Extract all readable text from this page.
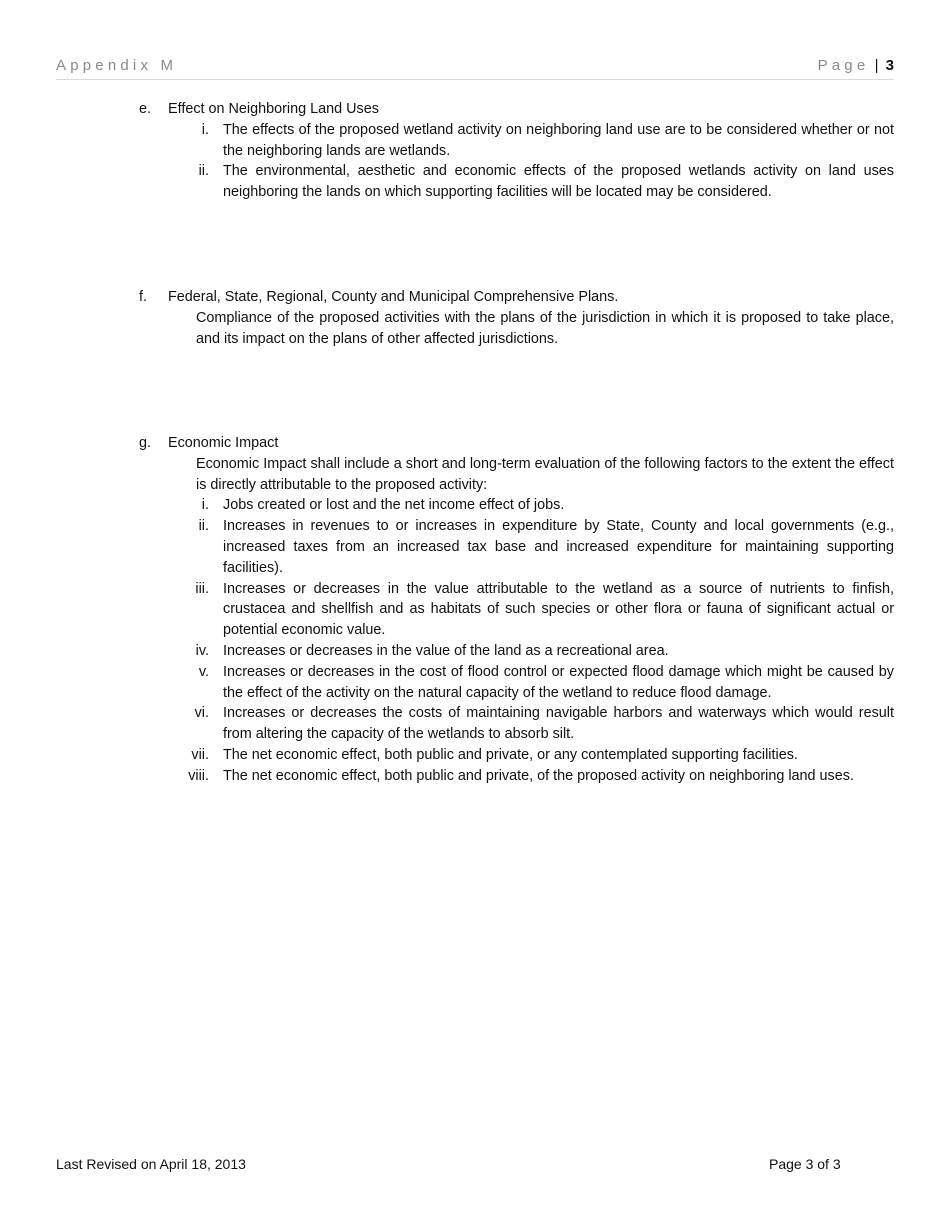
Appendix M	Page | 3
e. Effect on Neighboring Land Uses
i. The effects of the proposed wetland activity on neighboring land use are to be considered whether or not the neighboring lands are wetlands.
ii. The environmental, aesthetic and economic effects of the proposed wetlands activity on land uses neighboring the lands on which supporting facilities will be located may be considered.
f. Federal, State, Regional, County and Municipal Comprehensive Plans.

Compliance of the proposed activities with the plans of the jurisdiction in which it is proposed to take place, and its impact on the plans of other affected jurisdictions.

g. Economic Impact

Economic Impact shall include a short and long-term evaluation of the following factors to the extent the effect is directly attributable to the proposed activity:

i. Jobs created or lost and the net income effect of jobs.
ii. Increases in revenues to or increases in expenditure by State, County and local governments (e.g., increased taxes from an increased tax base and increased expenditure for maintaining supporting facilities).
iii. Increases or decreases in the value attributable to the wetland as a source of nutrients to finfish, crustacea and shellfish and as habitats of such species or other flora or fauna of significant actual or potential economic value.
iv. Increases or decreases in the value of the land as a recreational area.
v. Increases or decreases in the cost of flood control or expected flood damage which might be caused by the effect of the activity on the natural capacity of the wetland to reduce flood damage.
vi. Increases or decreases the costs of maintaining navigable harbors and waterways which would result from altering the capacity of the wetlands to absorb silt.
vii. The net economic effect, both public and private, or any contemplated supporting facilities.
viii. The net economic effect, both public and private, of the proposed activity on neighboring land uses.
Last Revised on April 18, 2013	Page 3 of 3
